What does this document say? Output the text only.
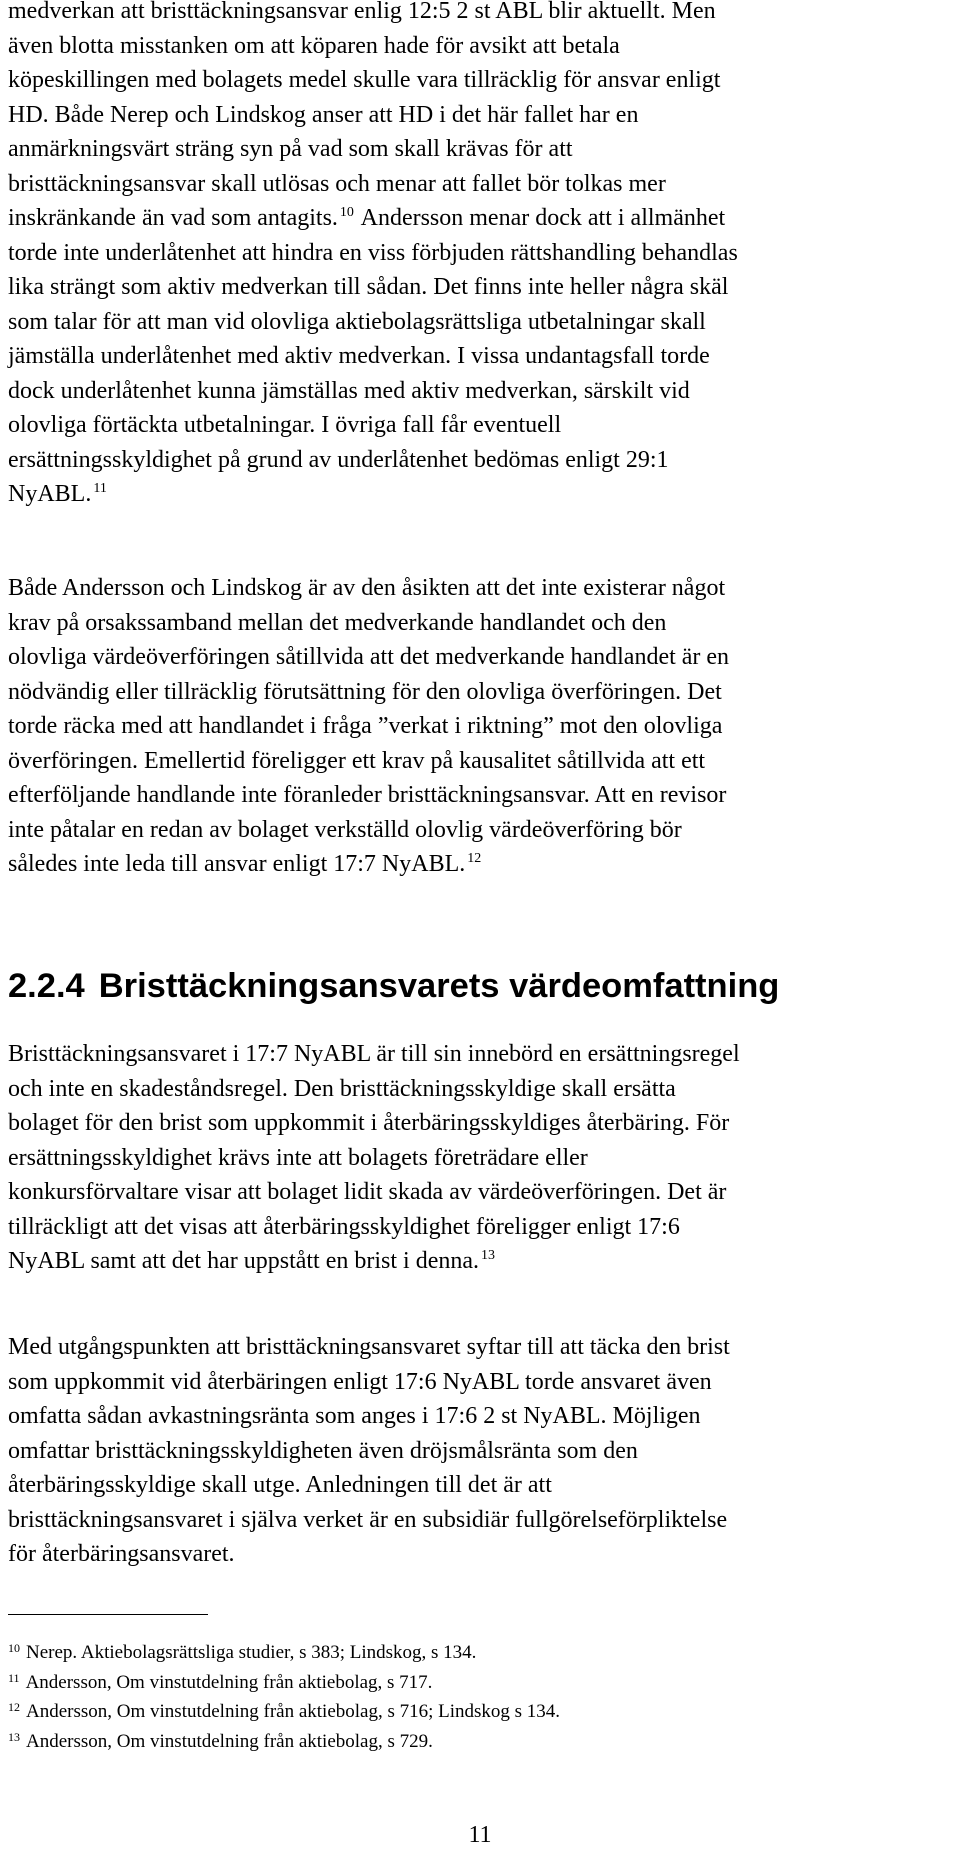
medverkan att bristtäckningsansvar enlig 12:5 2 st ABL blir aktuellt. Men
även blotta misstanken om att köparen hade för avsikt att betala
köpeskillingen med bolagets medel skulle vara tillräcklig för ansvar enligt
HD. Både Nerep och Lindskog anser att HD i det här fallet har en
anmärkningsvärt sträng syn på vad som skall krävas för att
bristtäckningsansvar skall utlösas och menar att fallet bör tolkas mer
inskränkande än vad som antagits. $^{10}$ Andersson menar dock att i allmänhet
torde inte underlåtenhet att hindra en viss förbjuden rättshandling behandlas
lika strängt som aktiv medverkan till sådan. Det finns inte heller några skäl
som talar för att man vid olovliga aktiebolagsrättsliga utbetalningar skall
jämställa underlåtenhet med aktiv medverkan. I vissa undantagsfall torde
dock underlåtenhet kunna jämställas med aktiv medverkan, särskilt vid
olovliga förtäckta utbetalningar. I övriga fall får eventuell
ersättningsskyldighet på grund av underlåtenhet bedömas enligt 29:1
NyABL. $^{11}$

Både Andersson och Lindskog är av den åsikten att det inte existerar något
krav på orsakssamband mellan det medverkande handlandet och den
olovliga värdeöverföringen såtillvida att det medverkande handlandet är en
nödvändig eller tillräcklig förutsättning för den olovliga överföringen. Det
torde räcka med att handlandet i fråga ”verkat i riktning” mot den olovliga
överföringen. Emellertid föreligger ett krav på kausalitet såtillvida att ett
efterföljande handlande inte föranleder bristtäckningsansvar. Att en revisor
inte påtalar en redan av bolaget verkställd olovlig värdeöverföring bör
således inte leda till ansvar enligt 17:7 NyABL. $^{12}$

2.2.4 Bristtäckningsansvarets värdeomfattning

Bristtäckningsansvaret i 17:7 NyABL är till sin innebörd en ersättningsregel
och inte en skadeståndsregel. Den bristtäckningsskyldige skall ersätta
bolaget för den brist som uppkommit i återbäringsskyldiges återbäring. För
ersättningsskyldighet krävs inte att bolagets företrädare eller
konkursförvaltare visar att bolaget lidit skada av värdeöverföringen. Det är
tillräckligt att det visas att återbäringsskyldighet föreligger enligt 17:6
NyABL samt att det har uppstått en brist i denna. $^{13}$

Med utgångspunkten att bristtäckningsansvaret syftar till att täcka den brist
som uppkommit vid återbäringen enligt 17:6 NyABL torde ansvaret även
omfatta sådan avkastningsränta som anges i 17:6 2 st NyABL. Möjligen
omfattar bristtäckningsskyldigheten även dröjsmålsränta som den
återbäringsskyldige skall utge. Anledningen till det är att
bristtäckningsansvaret i själva verket är en subsidiär fullgörelseförpliktelse
för återbäringsansvaret.

$^{10}$ Nerep. Aktiebolagsrättsliga studier, s 383; Lindskog, s 134.
$^{11}$ Andersson, Om vinstutdelning från aktiebolag, s 717.
$^{12}$ Andersson, Om vinstutdelning från aktiebolag, s 716; Lindskog s 134.
$^{13}$ Andersson, Om vinstutdelning från aktiebolag, s 729.
11
